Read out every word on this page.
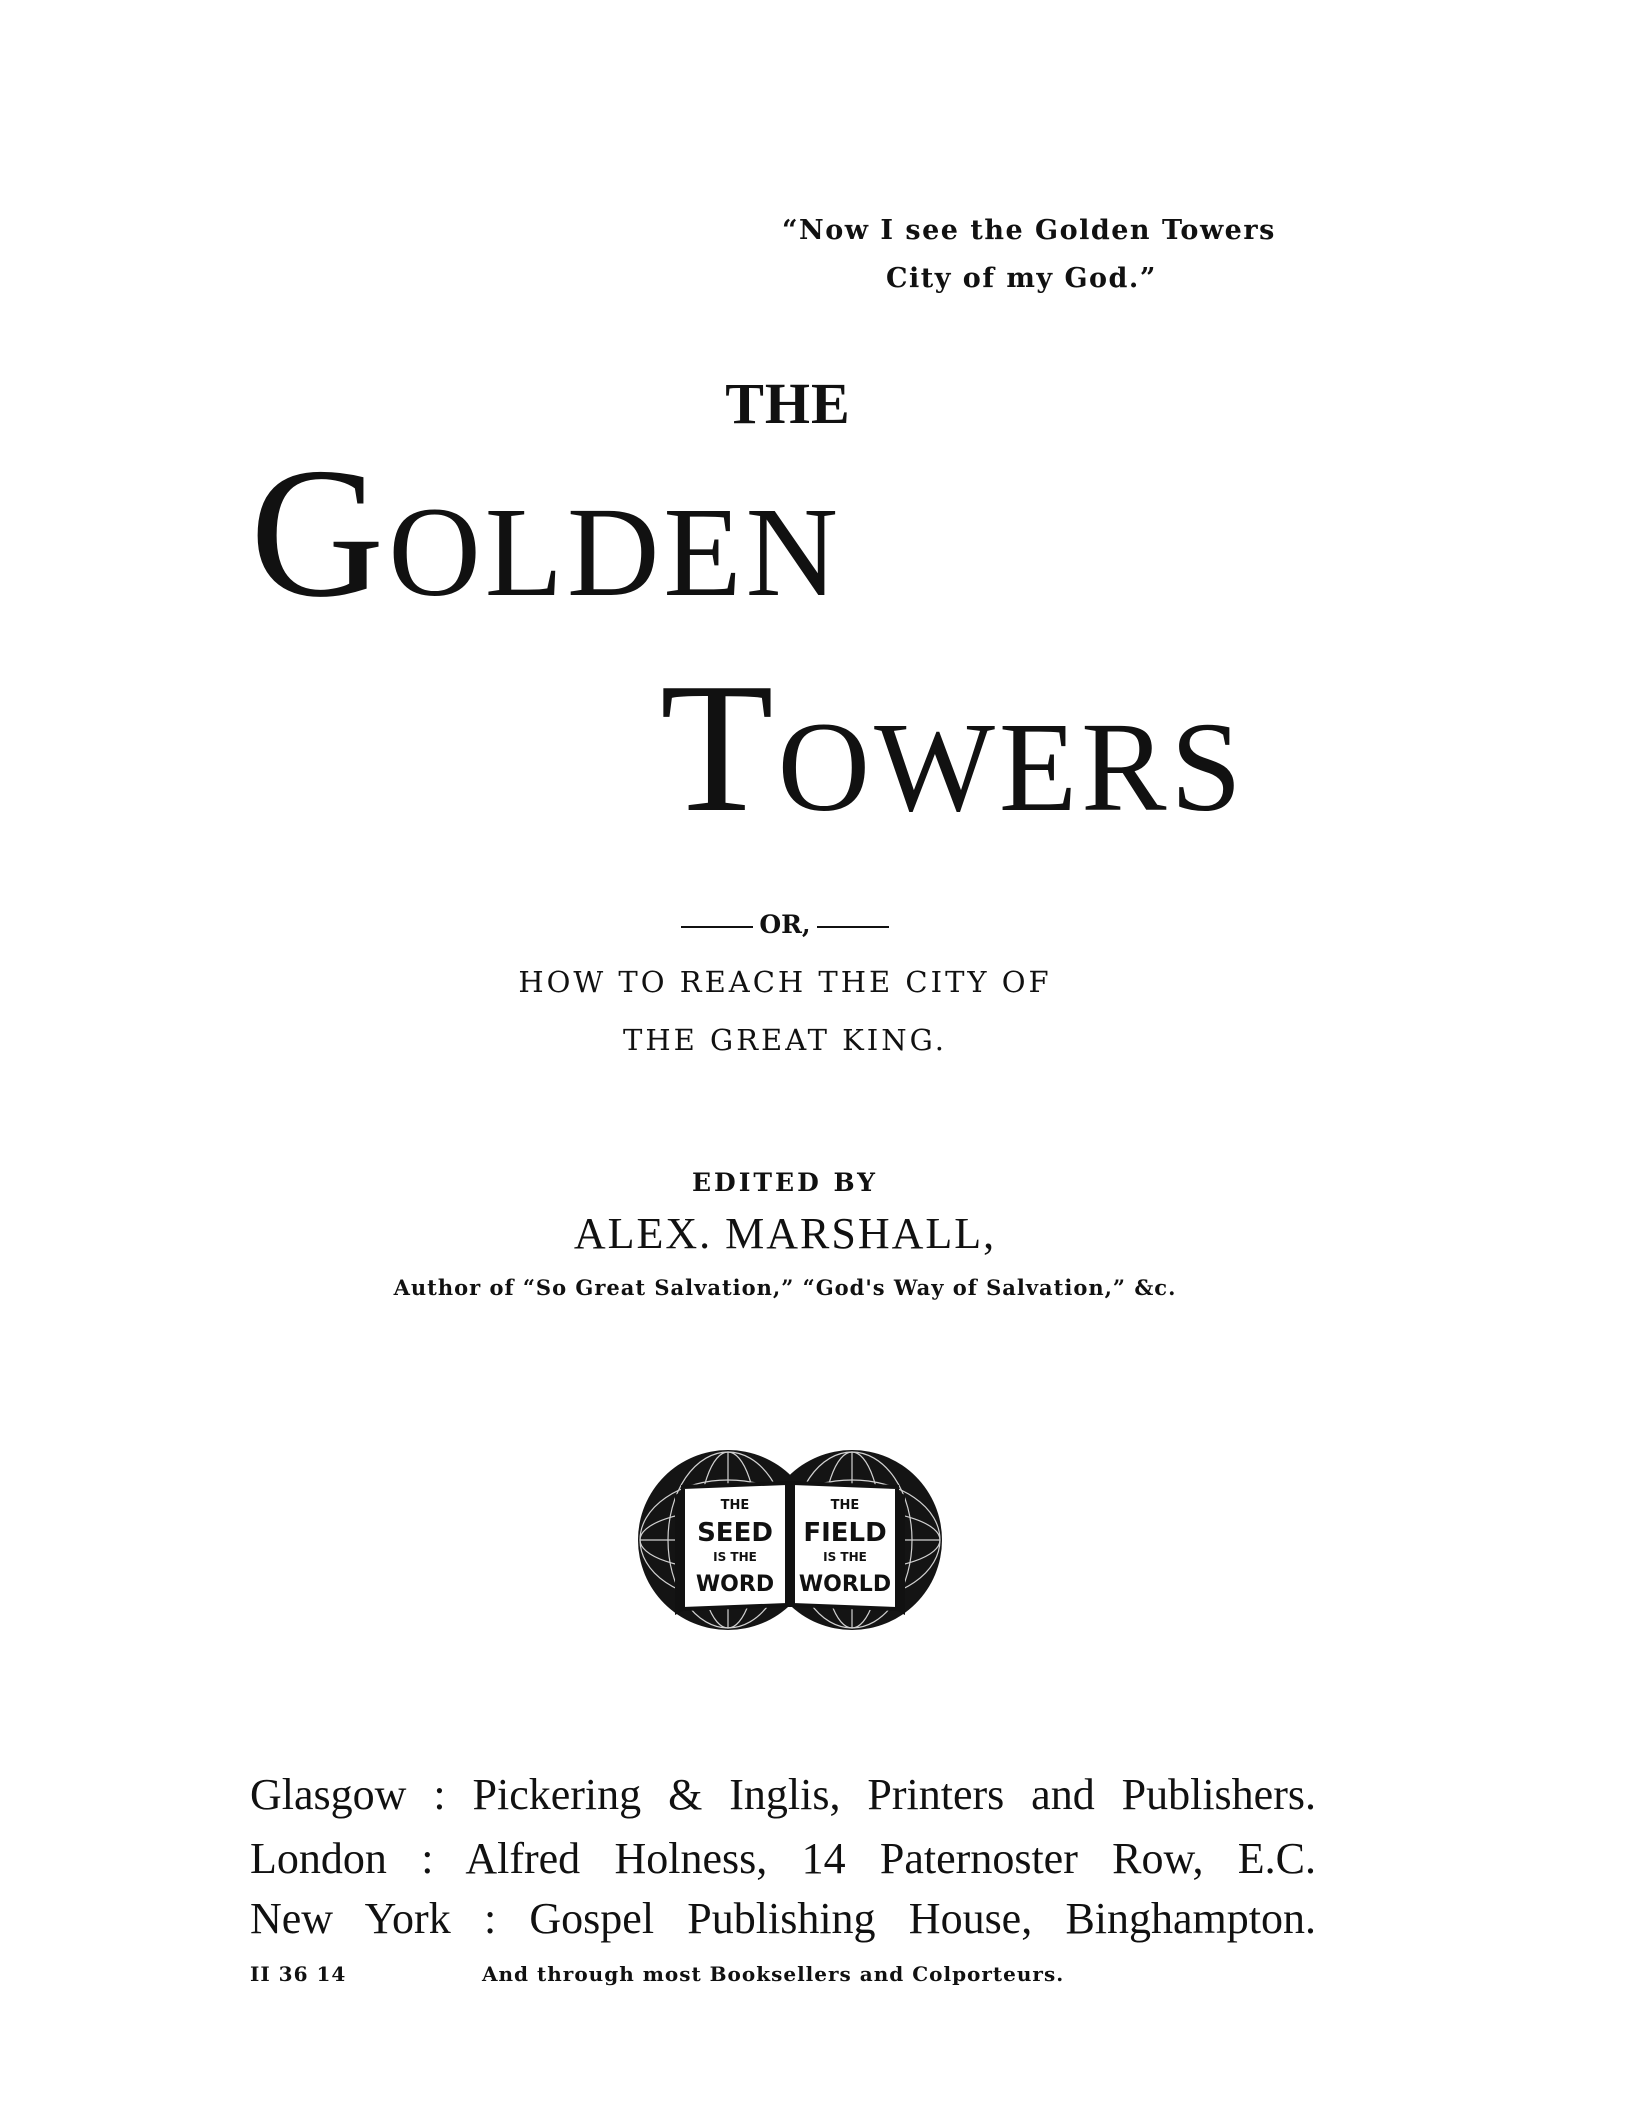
“Now I see the Golden Towers
City of my God.”
THE
GOLDEN
TOWERS
OR,
HOW TO REACH THE CITY OF
THE GREAT KING.
EDITED BY
ALEX. MARSHALL,
Author of “So Great Salvation,” “God's Way of Salvation,” &c.
THE
SEED
IS THE
WORD
THE
FIELD
IS THE
WORLD
Glasgow : Pickering & Inglis, Printers and Publishers.
London : Alfred Holness, 14 Paternoster Row, E.C.
New York : Gospel Publishing House, Binghampton.
II 36 14	And through most Booksellers and Colporteurs.
